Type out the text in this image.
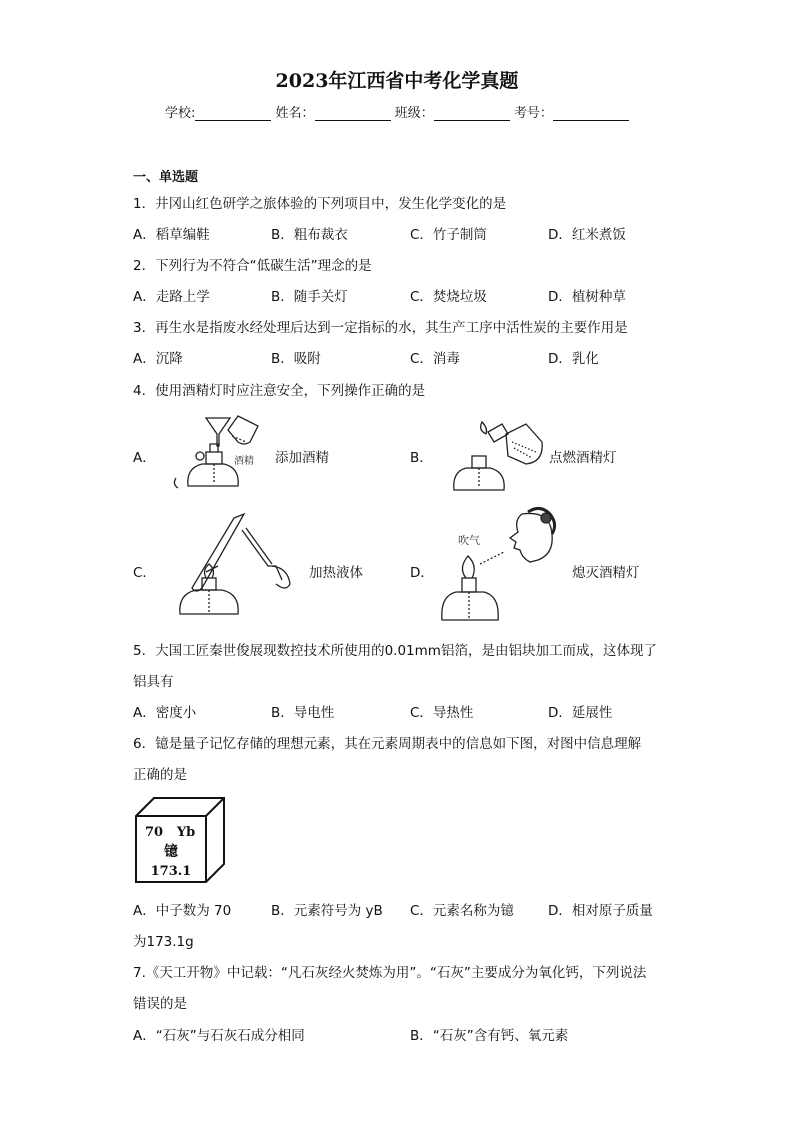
2023年江西省中考化学真题
学校:	姓名：	班级：	考号：
一、单选题
1．井冈山红色研学之旅体验的下列项目中，发生化学变化的是
A．稻草编鞋	B．粗布裁衣	C．竹子制筒	D．红米煮饭
2．下列行为不符合“低碳生活”理念的是
A．走路上学	B．随手关灯	C．焚烧垃圾	D．植树种草
3．再生水是指废水经处理后达到一定指标的水，其生产工序中活性炭的主要作用是
A．沉降	B．吸附	C．消毒	D．乳化
4．使用酒精灯时应注意安全，下列操作正确的是
A．	酒精 添加酒精	B．	点燃酒精灯
C．	加热液体	D．
吹气
熄灭酒精灯
5．大国工匠秦世俊展现数控技术所使用的0.01mm铝箔，是由铝块加工而成，这体现了
铝具有
A．密度小	B．导电性	C．导热性	D．延展性
6．镱是量子记忆存储的理想元素，其在元素周期表中的信息如下图，对图中信息理解
正确的是
70 Yb
镱
173.1
A．中子数为 70	B．元素符号为 yB C．元素名称为镱	D．相对原子质量
为173.1g
7.《天工开物》中记载：“凡石灰经火焚炼为用”。“石灰”主要成分为氧化钙，下列说法
错误的是
A．“石灰”与石灰石成分相同	B．“石灰”含有钙、氧元素
